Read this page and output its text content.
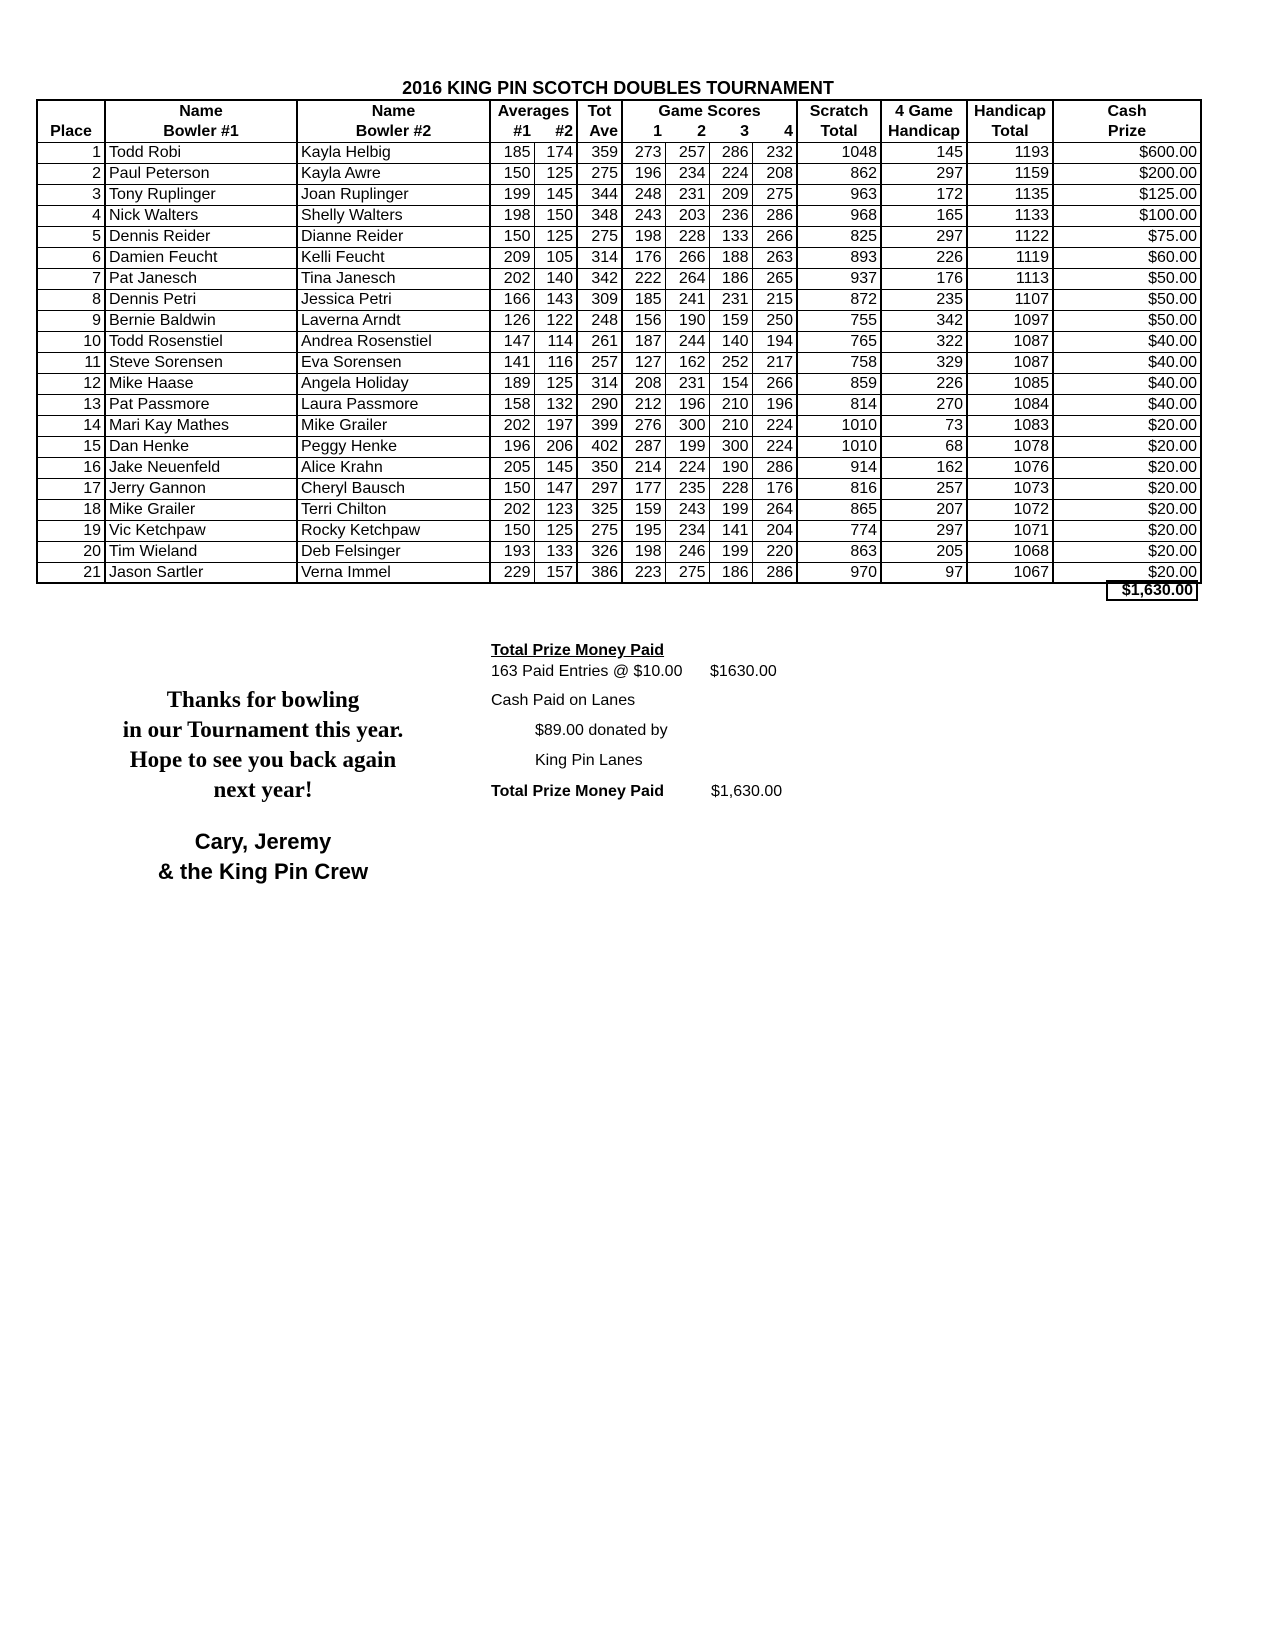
2016 KING PIN SCOTCH DOUBLES TOURNAMENT
	Name	Name	Averages		Tot	Game Scores				Scratch	4 Game	Handicap	Cash
Place	Bowler #1	Bowler #2	#1	#2	Ave	1	2	3	4	Total	Handicap	Total	Prize
1	Todd Robi	Kayla Helbig	185	174	359	273	257	286	232	1048	145	1193	$600.00
2	Paul Peterson	Kayla Awre	150	125	275	196	234	224	208	862	297	1159	$200.00
3	Tony Ruplinger	Joan Ruplinger	199	145	344	248	231	209	275	963	172	1135	$125.00
4	Nick Walters	Shelly Walters	198	150	348	243	203	236	286	968	165	1133	$100.00
5	Dennis Reider	Dianne Reider	150	125	275	198	228	133	266	825	297	1122	$75.00
6	Damien Feucht	Kelli Feucht	209	105	314	176	266	188	263	893	226	1119	$60.00
7	Pat Janesch	Tina Janesch	202	140	342	222	264	186	265	937	176	1113	$50.00
8	Dennis Petri	Jessica Petri	166	143	309	185	241	231	215	872	235	1107	$50.00
9	Bernie Baldwin	Laverna Arndt	126	122	248	156	190	159	250	755	342	1097	$50.00
10	Todd Rosenstiel	Andrea Rosenstiel	147	114	261	187	244	140	194	765	322	1087	$40.00
11	Steve Sorensen	Eva Sorensen	141	116	257	127	162	252	217	758	329	1087	$40.00
12	Mike Haase	Angela Holiday	189	125	314	208	231	154	266	859	226	1085	$40.00
13	Pat Passmore	Laura Passmore	158	132	290	212	196	210	196	814	270	1084	$40.00
14	Mari Kay Mathes	Mike Grailer	202	197	399	276	300	210	224	1010	73	1083	$20.00
15	Dan Henke	Peggy Henke	196	206	402	287	199	300	224	1010	68	1078	$20.00
16	Jake Neuenfeld	Alice Krahn	205	145	350	214	224	190	286	914	162	1076	$20.00
17	Jerry Gannon	Cheryl Bausch	150	147	297	177	235	228	176	816	257	1073	$20.00
18	Mike Grailer	Terri Chilton	202	123	325	159	243	199	264	865	207	1072	$20.00
19	Vic Ketchpaw	Rocky Ketchpaw	150	125	275	195	234	141	204	774	297	1071	$20.00
20	Tim Wieland	Deb Felsinger	193	133	326	198	246	199	220	863	205	1068	$20.00
21	Jason Sartler	Verna Immel	229	157	386	223	275	186	286	970	97	1067	$20.00
$1,630.00
Total Prize Money Paid
163 Paid Entries @ $10.00 $1630.00
Cash Paid on Lanes
$89.00 donated by
King Pin Lanes
Total Prize Money Paid	$1,630.00
Thanks for bowling
in our Tournament this year.
Hope to see you back again
next year!
Cary, Jeremy
& the King Pin Crew
